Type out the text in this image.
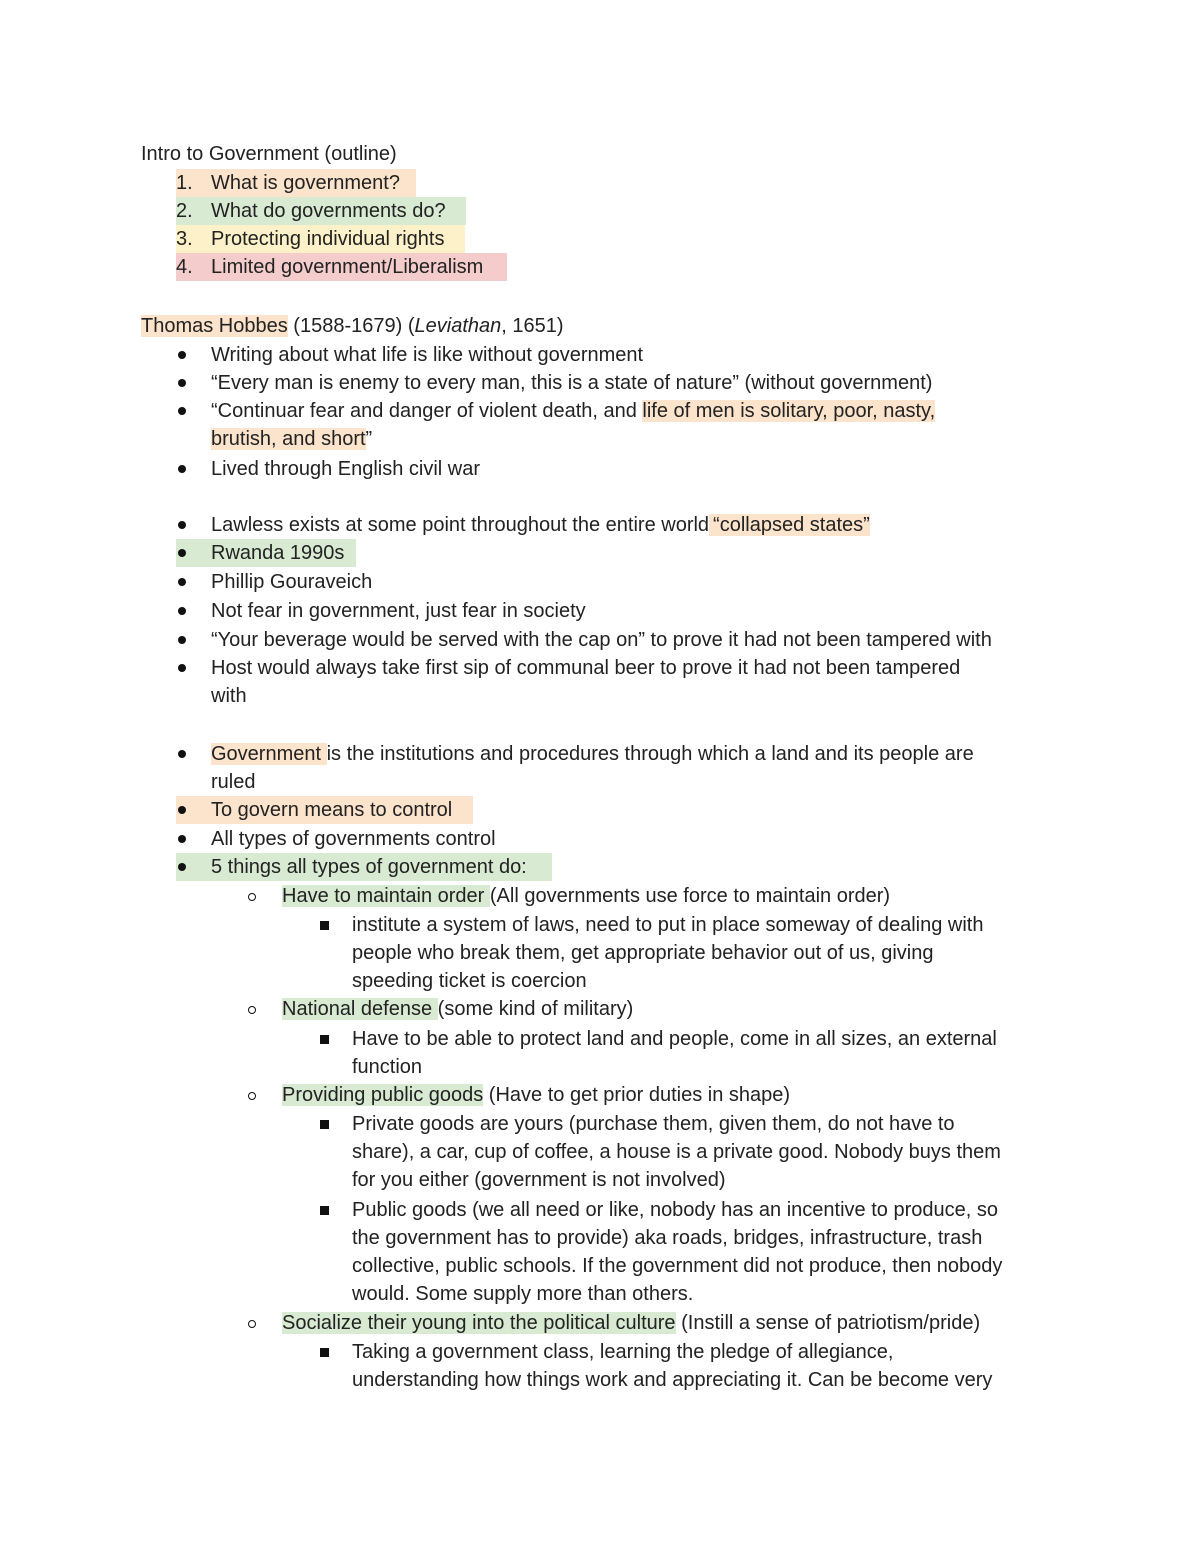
Intro to Government (outline)
1. What is government?
2. What do governments do?
3. Protecting individual rights
4. Limited government/Liberalism
Thomas Hobbes (1588-1679) (Leviathan, 1651)
Writing about what life is like without government
“Every man is enemy to every man, this is a state of nature” (without government)
“Continuar fear and danger of violent death, and life of men is solitary, poor, nasty,
brutish, and short”
Lived through English civil war
Lawless exists at some point throughout the entire world “collapsed states”
Rwanda 1990s
Phillip Gouraveich
Not fear in government, just fear in society
“Your beverage would be served with the cap on” to prove it had not been tampered with
Host would always take first sip of communal beer to prove it had not been tampered
with
Government is the institutions and procedures through which a land and its people are
ruled
To govern means to control
All types of governments control
5 things all types of government do:
Have to maintain order (All governments use force to maintain order)
institute a system of laws, need to put in place someway of dealing with
people who break them, get appropriate behavior out of us, giving
speeding ticket is coercion
National defense (some kind of military)
Have to be able to protect land and people, come in all sizes, an external
function
Providing public goods (Have to get prior duties in shape)
Private goods are yours (purchase them, given them, do not have to
share), a car, cup of coffee, a house is a private good. Nobody buys them
for you either (government is not involved)
Public goods (we all need or like, nobody has an incentive to produce, so
the government has to provide) aka roads, bridges, infrastructure, trash
collective, public schools. If the government did not produce, then nobody
would. Some supply more than others.
Socialize their young into the political culture (Instill a sense of patriotism/pride)
Taking a government class, learning the pledge of allegiance,
understanding how things work and appreciating it. Can be become very
